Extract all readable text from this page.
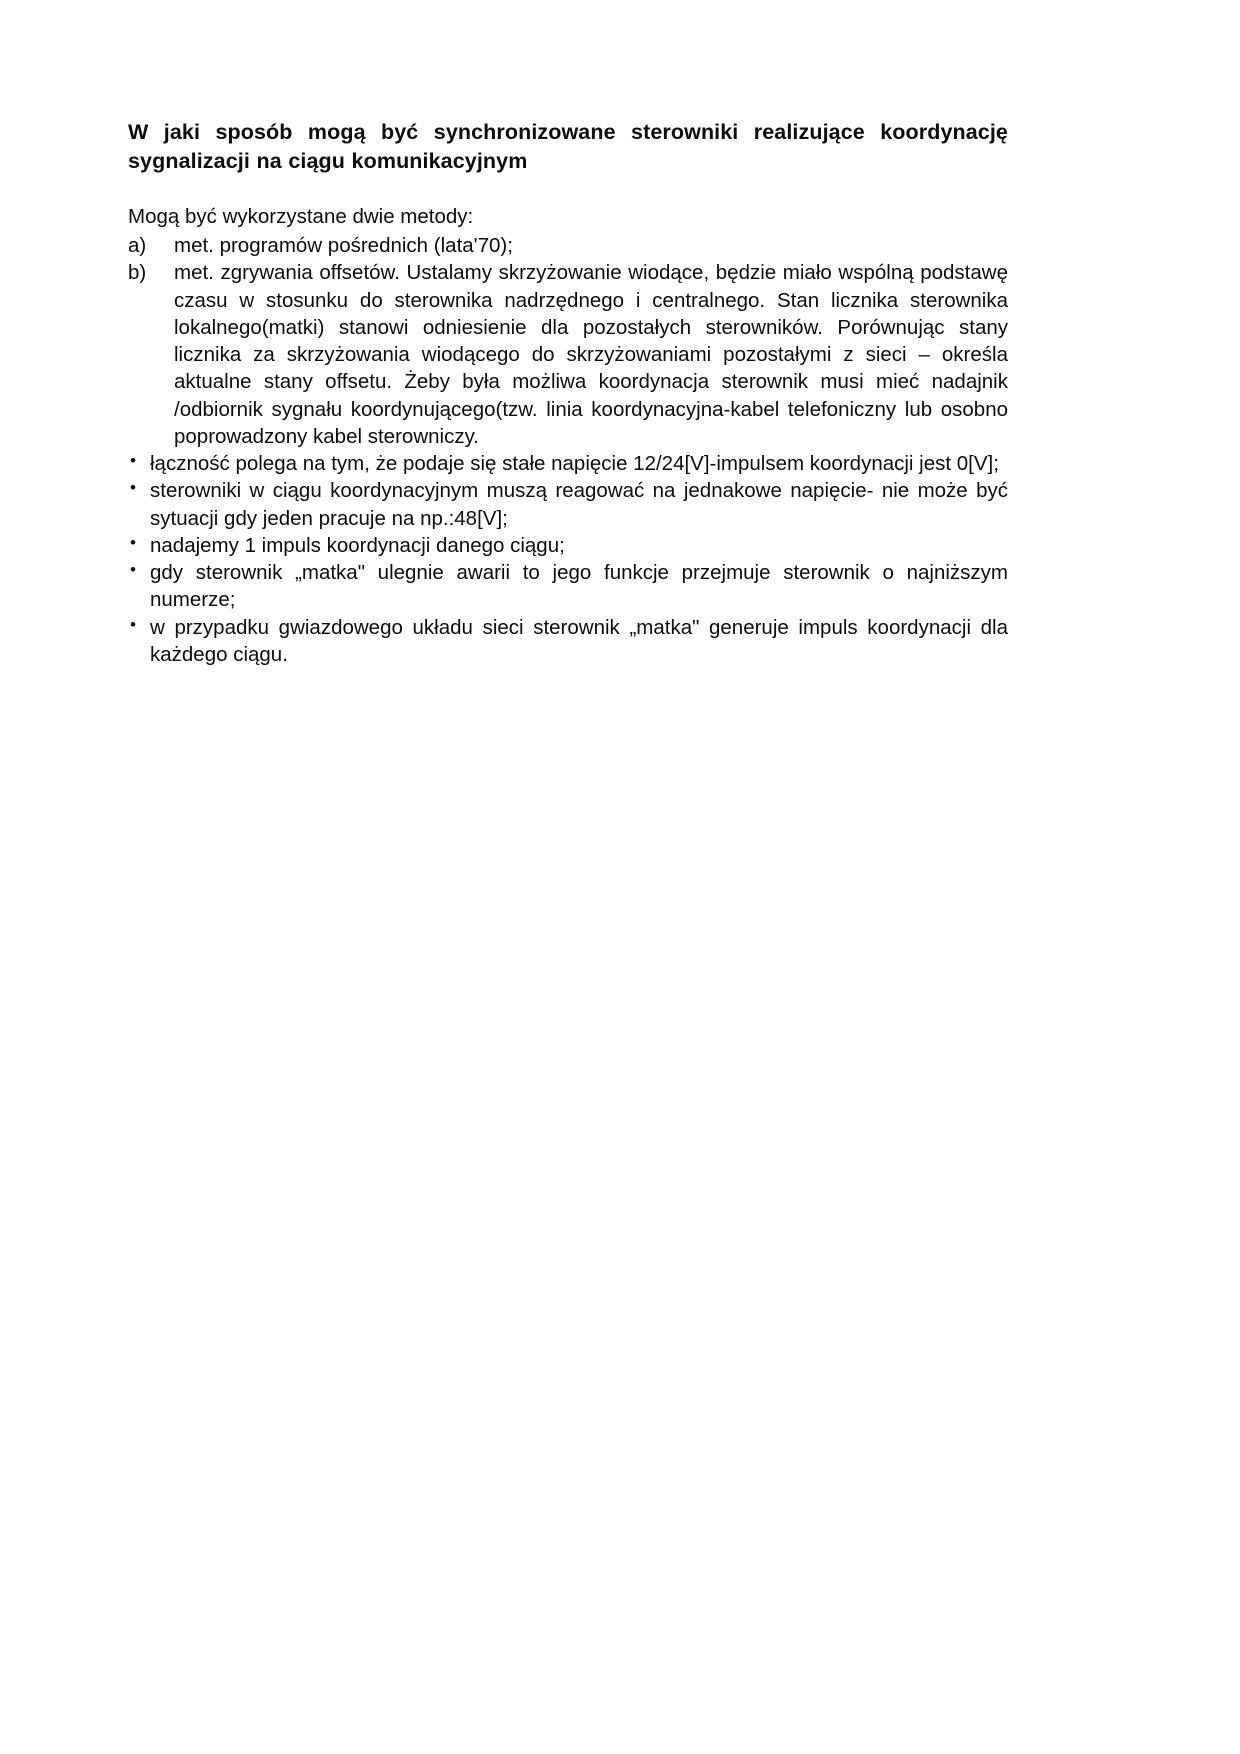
W jaki sposób mogą być synchronizowane sterowniki realizujące koordynację
sygnalizacji na ciągu komunikacyjnym

Mogą być wykorzystane dwie metody:

a)	met. programów pośrednich (lata'70);
b)	met. zgrywania offsetów. Ustalamy skrzyżowanie wiodące, będzie miało wspólną podstawę czasu w stosunku do sterownika nadrzędnego i centralnego. Stan licznika sterownika lokalnego(matki) stanowi odniesienie dla pozostałych sterowników. Porównując stany licznika za skrzyżowania wiodącego do skrzyżowaniami pozostałymi z sieci – określa aktualne stany offsetu. Żeby była możliwa koordynacja sterownik musi mieć nadajnik /odbiornik sygnału koordynującego(tzw. linia koordynacyjna-kabel telefoniczny lub osobno poprowadzony kabel sterowniczy.
• łączność polega na tym, że podaje się stałe napięcie 12/24[V]-impulsem koordynacji jest 0[V];
• sterowniki w ciągu koordynacyjnym muszą reagować na jednakowe napięcie- nie może być sytuacji gdy jeden pracuje na np.:48[V];
• nadajemy 1 impuls koordynacji danego ciągu;
• gdy sterownik „matka" ulegnie awarii to jego funkcje przejmuje sterownik o najniższym numerze;
• w przypadku gwiazdowego układu sieci sterownik „matka" generuje impuls koordynacji dla każdego ciągu.
